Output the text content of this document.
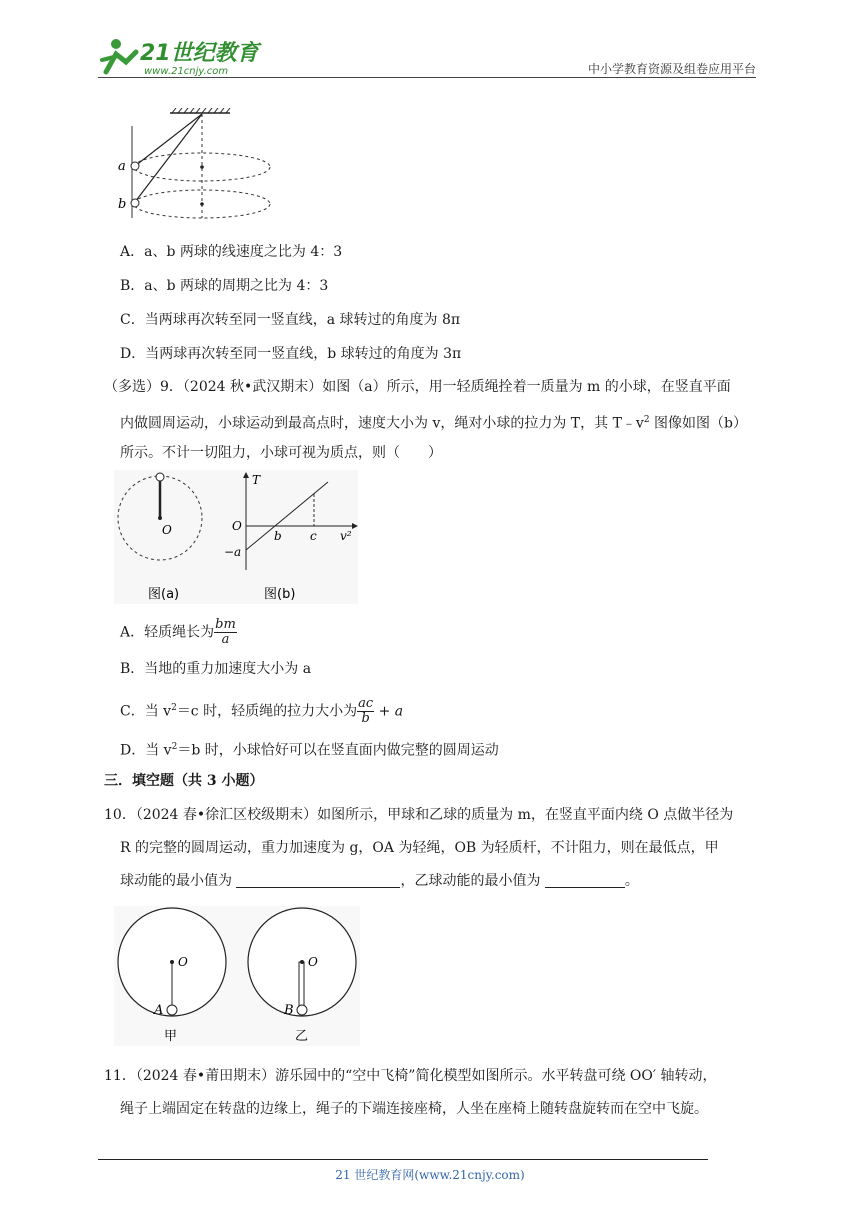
21世纪教育
www.21cnjy.com	中小学教育资源及组卷应用平台
a
b
A．a、b 两球的线速度之比为 4：3
B．a、b 两球的周期之比为 4：3
C．当两球再次转至同一竖直线，a 球转过的角度为 8π
D．当两球再次转至同一竖直线，b 球转过的角度为 3π
（多选）9．（2024 秋•武汉期末）如图（a）所示，用一轻质绳拴着一质量为 m 的小球，在竖直平面
内做圆周运动，小球运动到最高点时，速度大小为 v，绳对小球的拉力为 T，其 $T﹣v^2$ 图像如图（b）
所示。不计一切阻力，小球可视为质点，则（　　）
O
图(a)
T
O
−a
b c v²
图(b)
A．轻质绳长为 $\frac{bm}{a}$
B．当地的重力加速度大小为 a
C．当 $v^2=c$ 时，轻质绳的拉力大小为 $\frac{ac}{b} + a$
D．当 $v^2=b$ 时，小球恰好可以在竖直面内做完整的圆周运动
三．填空题（共 3 小题）
10．（2024 春•徐汇区校级期末）如图所示，甲球和乙球的质量为 m，在竖直平面内绕 O 点做半径为
R 的完整的圆周运动，重力加速度为 g，OA 为轻绳，OB 为轻质杆，不计阻力，则在最低点，甲
球动能的最小值为	，乙球动能的最小值为	。
O
A
甲
O
B
乙
11．（2024 春•莆田期末）游乐园中的“空中飞椅”简化模型如图所示。水平转盘可绕 OO′ 轴转动，
绳子上端固定在转盘的边缘上，绳子的下端连接座椅，人坐在座椅上随转盘旋转而在空中飞旋。
21 世纪教育网(www.21cnjy.com)
